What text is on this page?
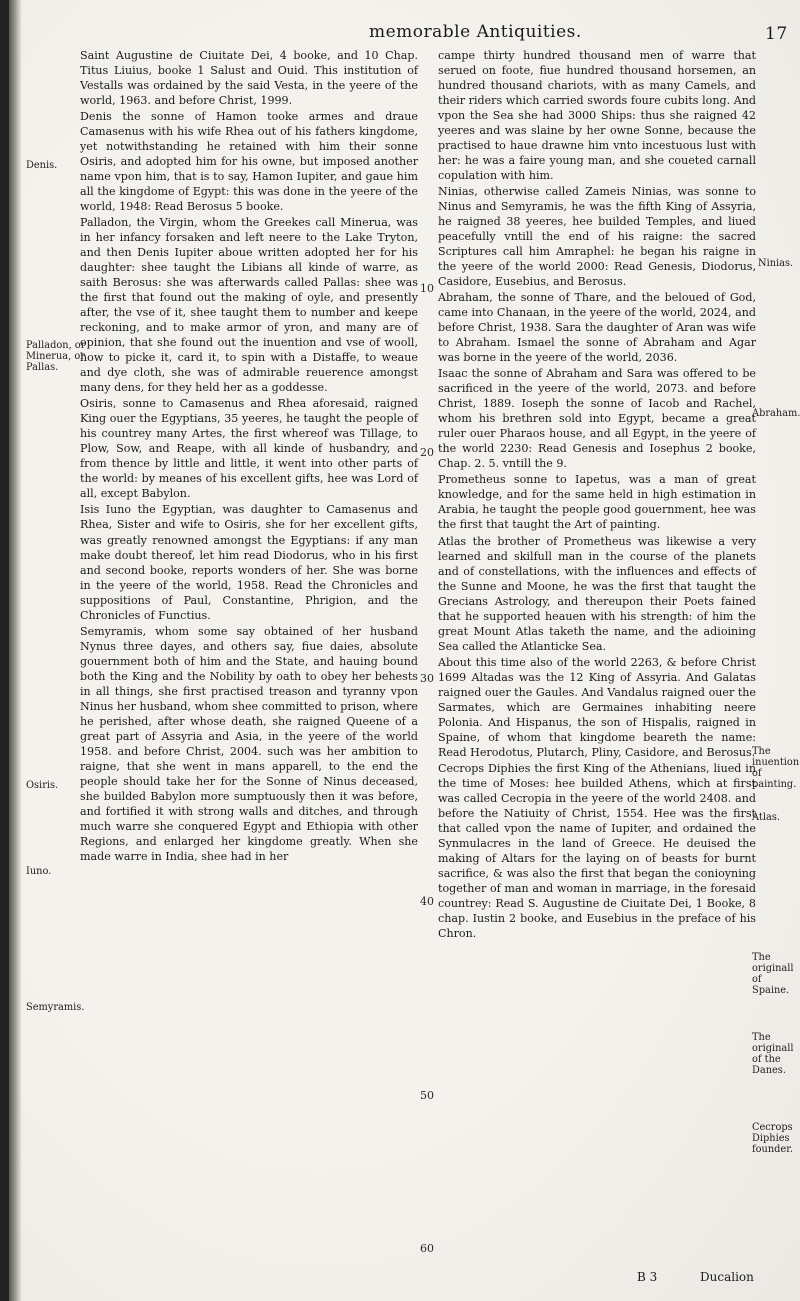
memorable Antiquities.	17

Saint Augustine de Ciuitate Dei, 4 booke, and 10 Chap. Titus Liuius, booke 1 Salust and Ouid. This institution of Vestalls was ordained by the said Vesta, in the yeere of the world, 1963. and before Christ, 1999.

Denis the sonne of Hamon tooke armes and draue Camasenus with his wife Rhea out of his fathers kingdome, yet notwithstanding he retained with him their sonne Osiris, and adopted him for his owne, but imposed another name vpon him, that is to say, Hamon Iupiter, and gaue him all the kingdome of Egypt: this was done in the yeere of the world, 1948: Read Berosus 5 booke.

Palladon, the Virgin, whom the Greekes call Minerua, was in her infancy forsaken and left neere to the Lake Tryton, and then Denis Iupiter aboue written adopted her for his daughter: shee taught the Libians all kinde of warre, as saith Berosus: she was afterwards called Pallas: shee was the first that found out the making of oyle, and presently after, the vse of it, shee taught them to number and keepe reckoning, and to make armor of yron, and many are of opinion, that she found out the inuention and vse of wooll, how to picke it, card it, to spin with a Distaffe, to weaue and dye cloth, she was of admirable reuerence amongst many dens, for they held her as a goddesse.

Osiris, sonne to Camasenus and Rhea aforesaid, raigned King ouer the Egyptians, 35 yeeres, he taught the people of his countrey many Artes, the first whereof was Tillage, to Plow, Sow, and Reape, with all kinde of husbandry, and from thence by little and little, it went into other parts of the world: by meanes of his excellent gifts, hee was Lord of all, except Babylon.

Isis Iuno the Egyptian, was daughter to Camasenus and Rhea, Sister and wife to Osiris, she for her excellent gifts, was greatly renowned amongst the Egyptians: if any man make doubt thereof, let him read Diodorus, who in his first and second booke, reports wonders of her. She was borne in the yeere of the world, 1958. Read the Chronicles and suppositions of Paul, Constantine, Phrigion, and the Chronicles of Functius.

Semyramis, whom some say obtained of her husband Nynus three dayes, and others say, fiue daies, absolute gouernment both of him and the State, and hauing bound both the King and the Nobility by oath to obey her behests in all things, she first practised treason and tyranny vpon Ninus her husband, whom shee committed to prison, where he perished, after whose death, she raigned Queene of a great part of Assyria and Asia, in the yeere of the world 1958. and before Christ, 2004. such was her ambition to raigne, that she went in mans apparell, to the end the people should take her for the Sonne of Ninus deceased, she builded Babylon more sumptuously then it was before, and fortified it with strong walls and ditches, and through much warre she conquered Egypt and Ethiopia with other Regions, and enlarged her kingdome greatly. When she made warre in India, shee had in her

campe thirty hundred thousand men of warre that serued on foote, fiue hundred thousand horsemen, an hundred thousand chariots, with as many Camels, and their riders which carried swords foure cubits long. And vpon the Sea she had 3000 Ships: thus she raigned 42 yeeres and was slaine by her owne Sonne, because the practised to haue drawne him vnto incestuous lust with her: he was a faire young man, and she coueted carnall copulation with him.

Ninias, otherwise called Zameis Ninias, was sonne to Ninus and Semyramis, he was the fifth King of Assyria, he raigned 38 yeeres, hee builded Temples, and liued peacefully vntill the end of his raigne: the sacred Scriptures call him Amraphel: he began his raigne in the yeere of the world 2000: Read Genesis, Diodorus, Casidore, Eusebius, and Berosus.

Abraham, the sonne of Thare, and the beloued of God, came into Chanaan, in the yeere of the world, 2024, and before Christ, 1938. Sara the daughter of Aran was wife to Abraham. Ismael the sonne of Abraham and Agar was borne in the yeere of the world, 2036.

Isaac the sonne of Abraham and Sara was offered to be sacrificed in the yeere of the world, 2073. and before Christ, 1889. Ioseph the sonne of Iacob and Rachel, whom his brethren sold into Egypt, became a great ruler ouer Pharaos house, and all Egypt, in the yeere of the world 2230: Read Genesis and Iosephus 2 booke, Chap. 2. 5. vntill the 9.

Prometheus sonne to Iapetus, was a man of great knowledge, and for the same held in high estimation in Arabia, he taught the people good gouernment, hee was the first that taught the Art of painting.

Atlas the brother of Prometheus was likewise a very learned and skilfull man in the course of the planets and of constellations, with the influences and effects of the Sunne and Moone, he was the first that taught the Grecians Astrology, and thereupon their Poets fained that he supported heauen with his strength: of him the great Mount Atlas taketh the name, and the adioining Sea called the Atlanticke Sea.

About this time also of the world 2263, & before Christ 1699 Altadas was the 12 King of Assyria. And Galatas raigned ouer the Gaules. And Vandalus raigned ouer the Sarmates, which are Germaines inhabiting neere Polonia. And Hispanus, the son of Hispalis, raigned in Spaine, of whom that kingdome beareth the name: Read Herodotus, Plutarch, Pliny, Casidore, and Berosus.

Cecrops Diphies the first King of the Athenians, liued in the time of Moses: hee builded Athens, which at first was called Cecropia in the yeere of the world 2408. and before the Natiuity of Christ, 1554. Hee was the first that called vpon the name of Iupiter, and ordained the Synmulacres in the land of Greece. He deuised the making of Altars for the laying on of beasts for burnt sacrifice, & was also the first that began the conioyning together of man and woman in marriage, in the foresaid countrey: Read S. Augustine de Ciuitate Dei, 1 Booke, 8 chap. Iustin 2 booke, and Eusebius in the preface of his Chron.

Denis.
Palladon, or Minerua, or Pallas.
Osiris.
Iuno.
Semyramis.
Ninias.
Abraham.
The inuention of painting.
Atlas.
The originall of Spaine.
The originall of the Danes.
Cecrops Diphies founder.
10
20
30
40
50
60
B 3	Ducalion
